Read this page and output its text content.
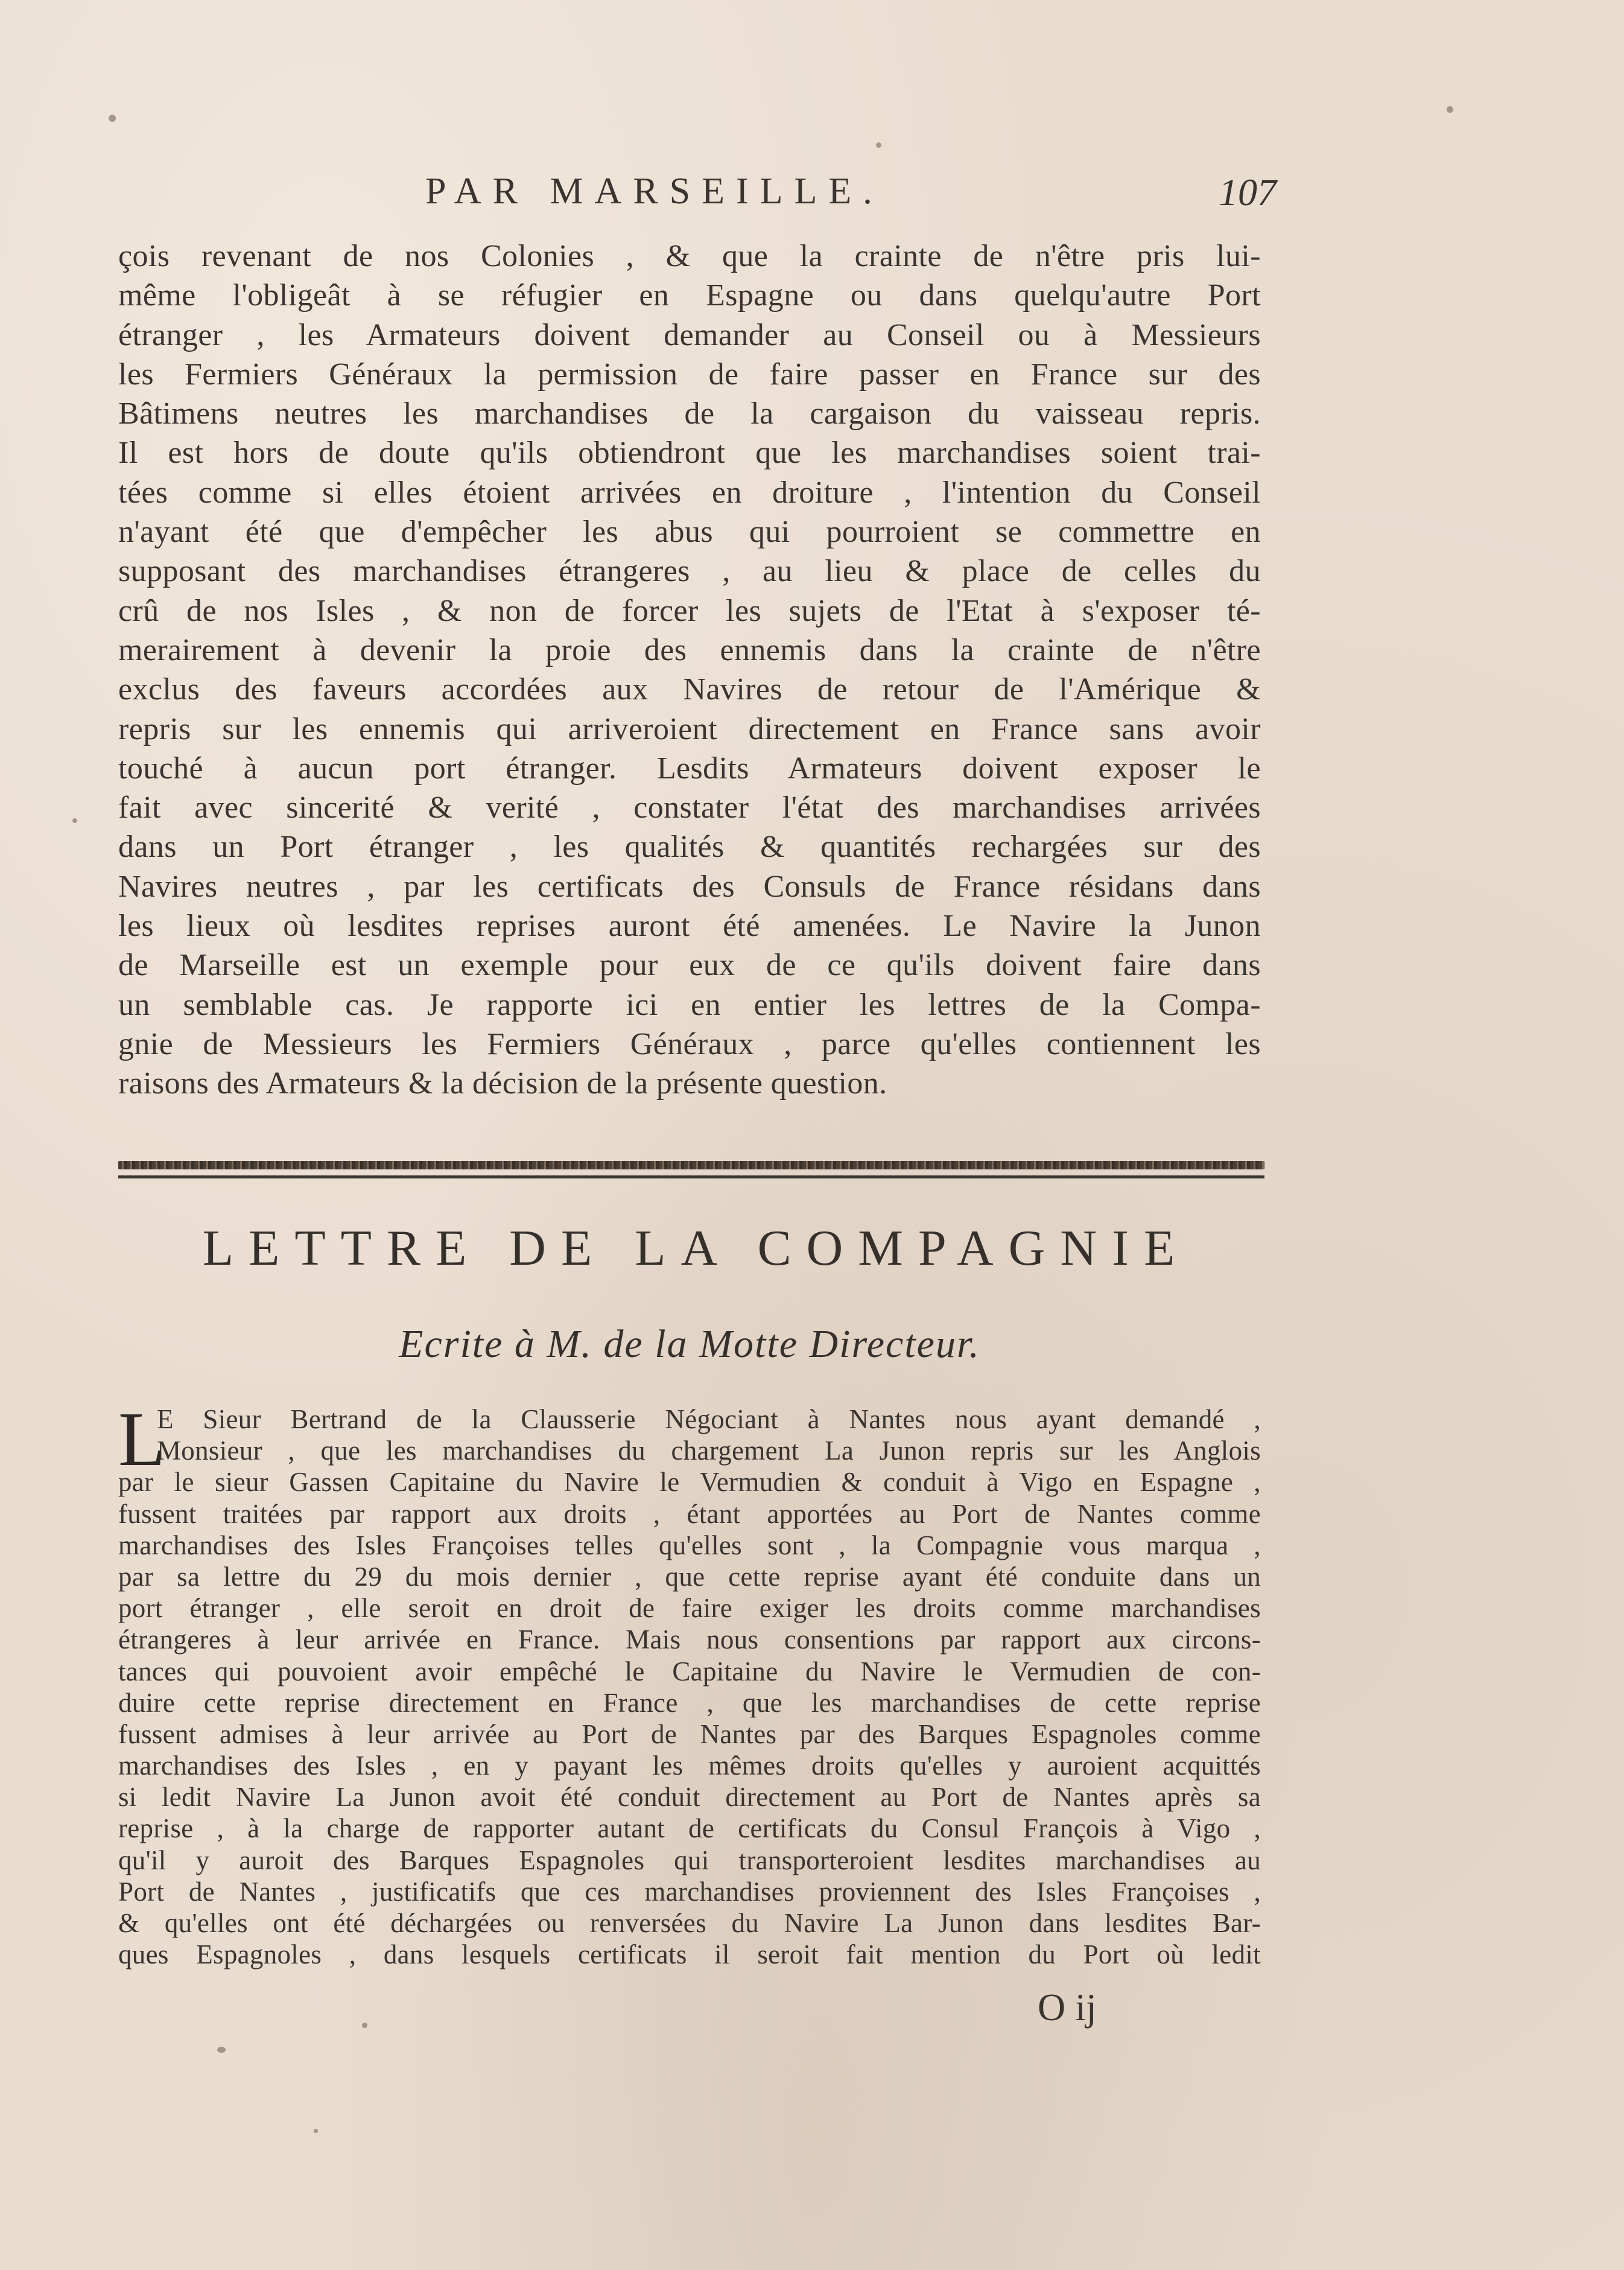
PAR MARSEILLE.	107
çois revenant de nos Colonies , & que la crainte de n'être pris lui-
même l'obligeât à se réfugier en Espagne ou dans quelqu'autre Port
étranger , les Armateurs doivent demander au Conseil ou à Messieurs
les Fermiers Généraux la permission de faire passer en France sur des
Bâtimens neutres les marchandises de la cargaison du vaisseau repris.
Il est hors de doute qu'ils obtiendront que les marchandises soient trai-
tées comme si elles étoient arrivées en droiture , l'intention du Conseil
n'ayant été que d'empêcher les abus qui pourroient se commettre en
supposant des marchandises étrangeres , au lieu & place de celles du
crû de nos Isles , & non de forcer les sujets de l'Etat à s'exposer té-
merairement à devenir la proie des ennemis dans la crainte de n'être
exclus des faveurs accordées aux Navires de retour de l'Amérique &
repris sur les ennemis qui arriveroient directement en France sans avoir
touché à aucun port étranger. Lesdits Armateurs doivent exposer le
fait avec sincerité & verité , constater l'état des marchandises arrivées
dans un Port étranger , les qualités & quantités rechargées sur des
Navires neutres , par les certificats des Consuls de France résidans dans
les lieux où lesdites reprises auront été amenées. Le Navire la Junon
de Marseille est un exemple pour eux de ce qu'ils doivent faire dans
un semblable cas. Je rapporte ici en entier les lettres de la Compa-
gnie de Messieurs les Fermiers Généraux , parce qu'elles contiennent les
raisons des Armateurs & la décision de la présente question.
LETTRE DE LA COMPAGNIE
Ecrite à M. de la Motte Directeur.
L
E Sieur Bertrand de la Clausserie Négociant à Nantes nous ayant demandé ,
Monsieur , que les marchandises du chargement La Junon repris sur les Anglois
par le sieur Gassen Capitaine du Navire le Vermudien & conduit à Vigo en Espagne ,
fussent traitées par rapport aux droits , étant apportées au Port de Nantes comme
marchandises des Isles Françoises telles qu'elles sont , la Compagnie vous marqua ,
par sa lettre du 29 du mois dernier , que cette reprise ayant été conduite dans un
port étranger , elle seroit en droit de faire exiger les droits comme marchandises
étrangeres à leur arrivée en France. Mais nous consentions par rapport aux circons-
tances qui pouvoient avoir empêché le Capitaine du Navire le Vermudien de con-
duire cette reprise directement en France , que les marchandises de cette reprise
fussent admises à leur arrivée au Port de Nantes par des Barques Espagnoles comme
marchandises des Isles , en y payant les mêmes droits qu'elles y auroient acquittés
si ledit Navire La Junon avoit été conduit directement au Port de Nantes après sa
reprise , à la charge de rapporter autant de certificats du Consul François à Vigo ,
qu'il y auroit des Barques Espagnoles qui transporteroient lesdites marchandises au
Port de Nantes , justificatifs que ces marchandises proviennent des Isles Françoises ,
& qu'elles ont été déchargées ou renversées du Navire La Junon dans lesdites Bar-
ques Espagnoles , dans lesquels certificats il seroit fait mention du Port où ledit
O ij
